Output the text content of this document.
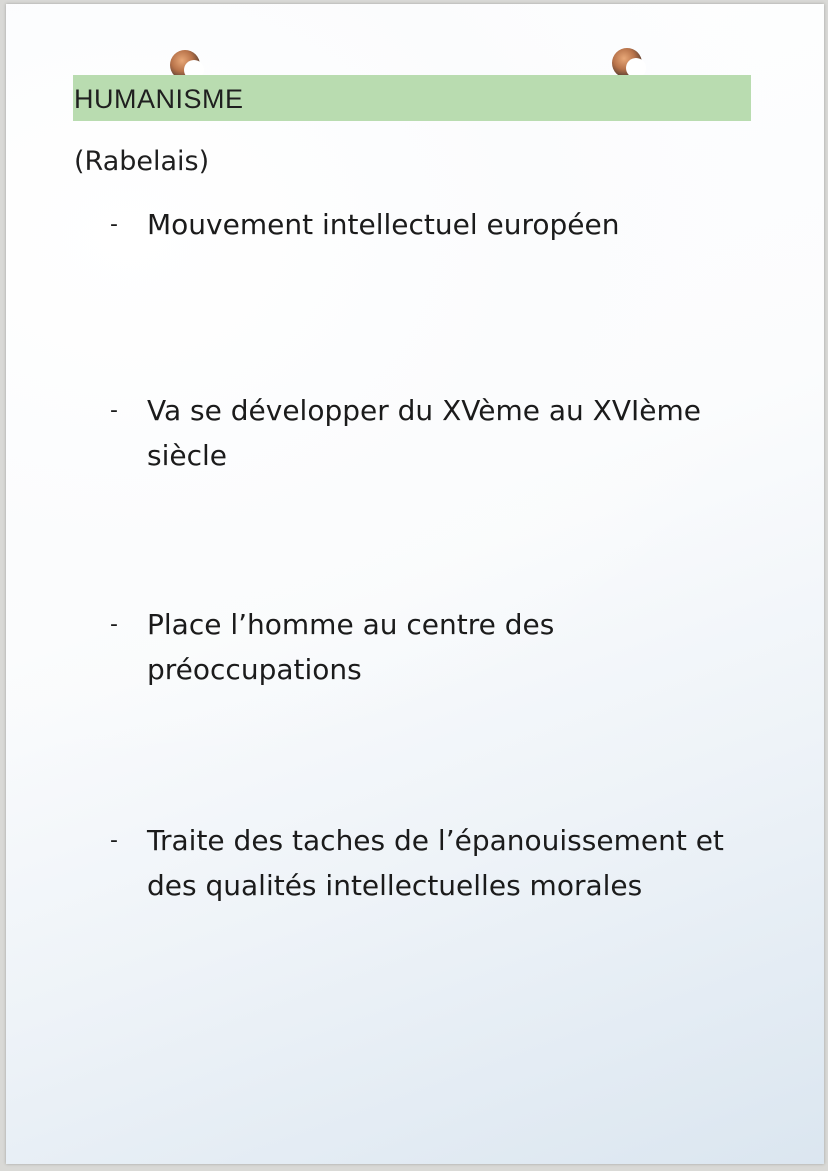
HUMANISME
(Rabelais)
- Mouvement intellectuel européen
- Va se développer du XVème au XVIème siècle
- Place l’homme au centre des préoccupations
- Traite des taches de l’épanouissement et des qualités intellectuelles morales
